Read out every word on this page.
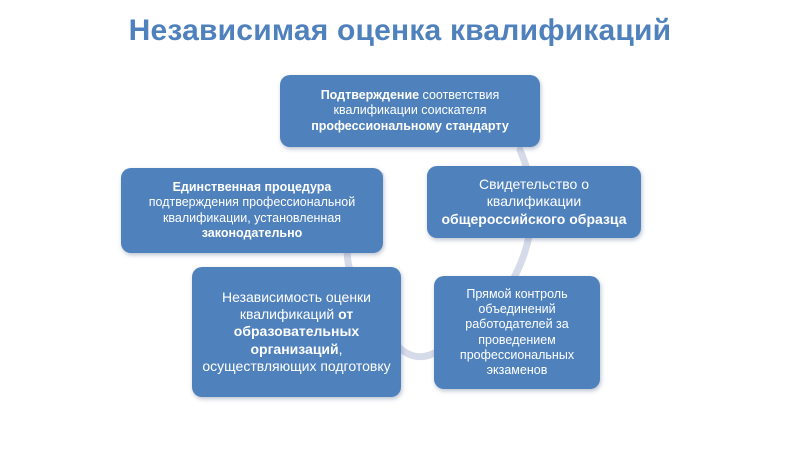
Независимая оценка квалификаций
Подтверждение соответствия квалификации соискателя профессиональному стандарту
Единственная процедура подтверждения профессиональной квалификации, установленная законодательно
Свидетельство о квалификации общероссийского образца
Независимость оценки квалификаций от образовательных организаций, осуществляющих подготовку
Прямой контроль объединений работодателей за проведением профессиональных экзаменов
